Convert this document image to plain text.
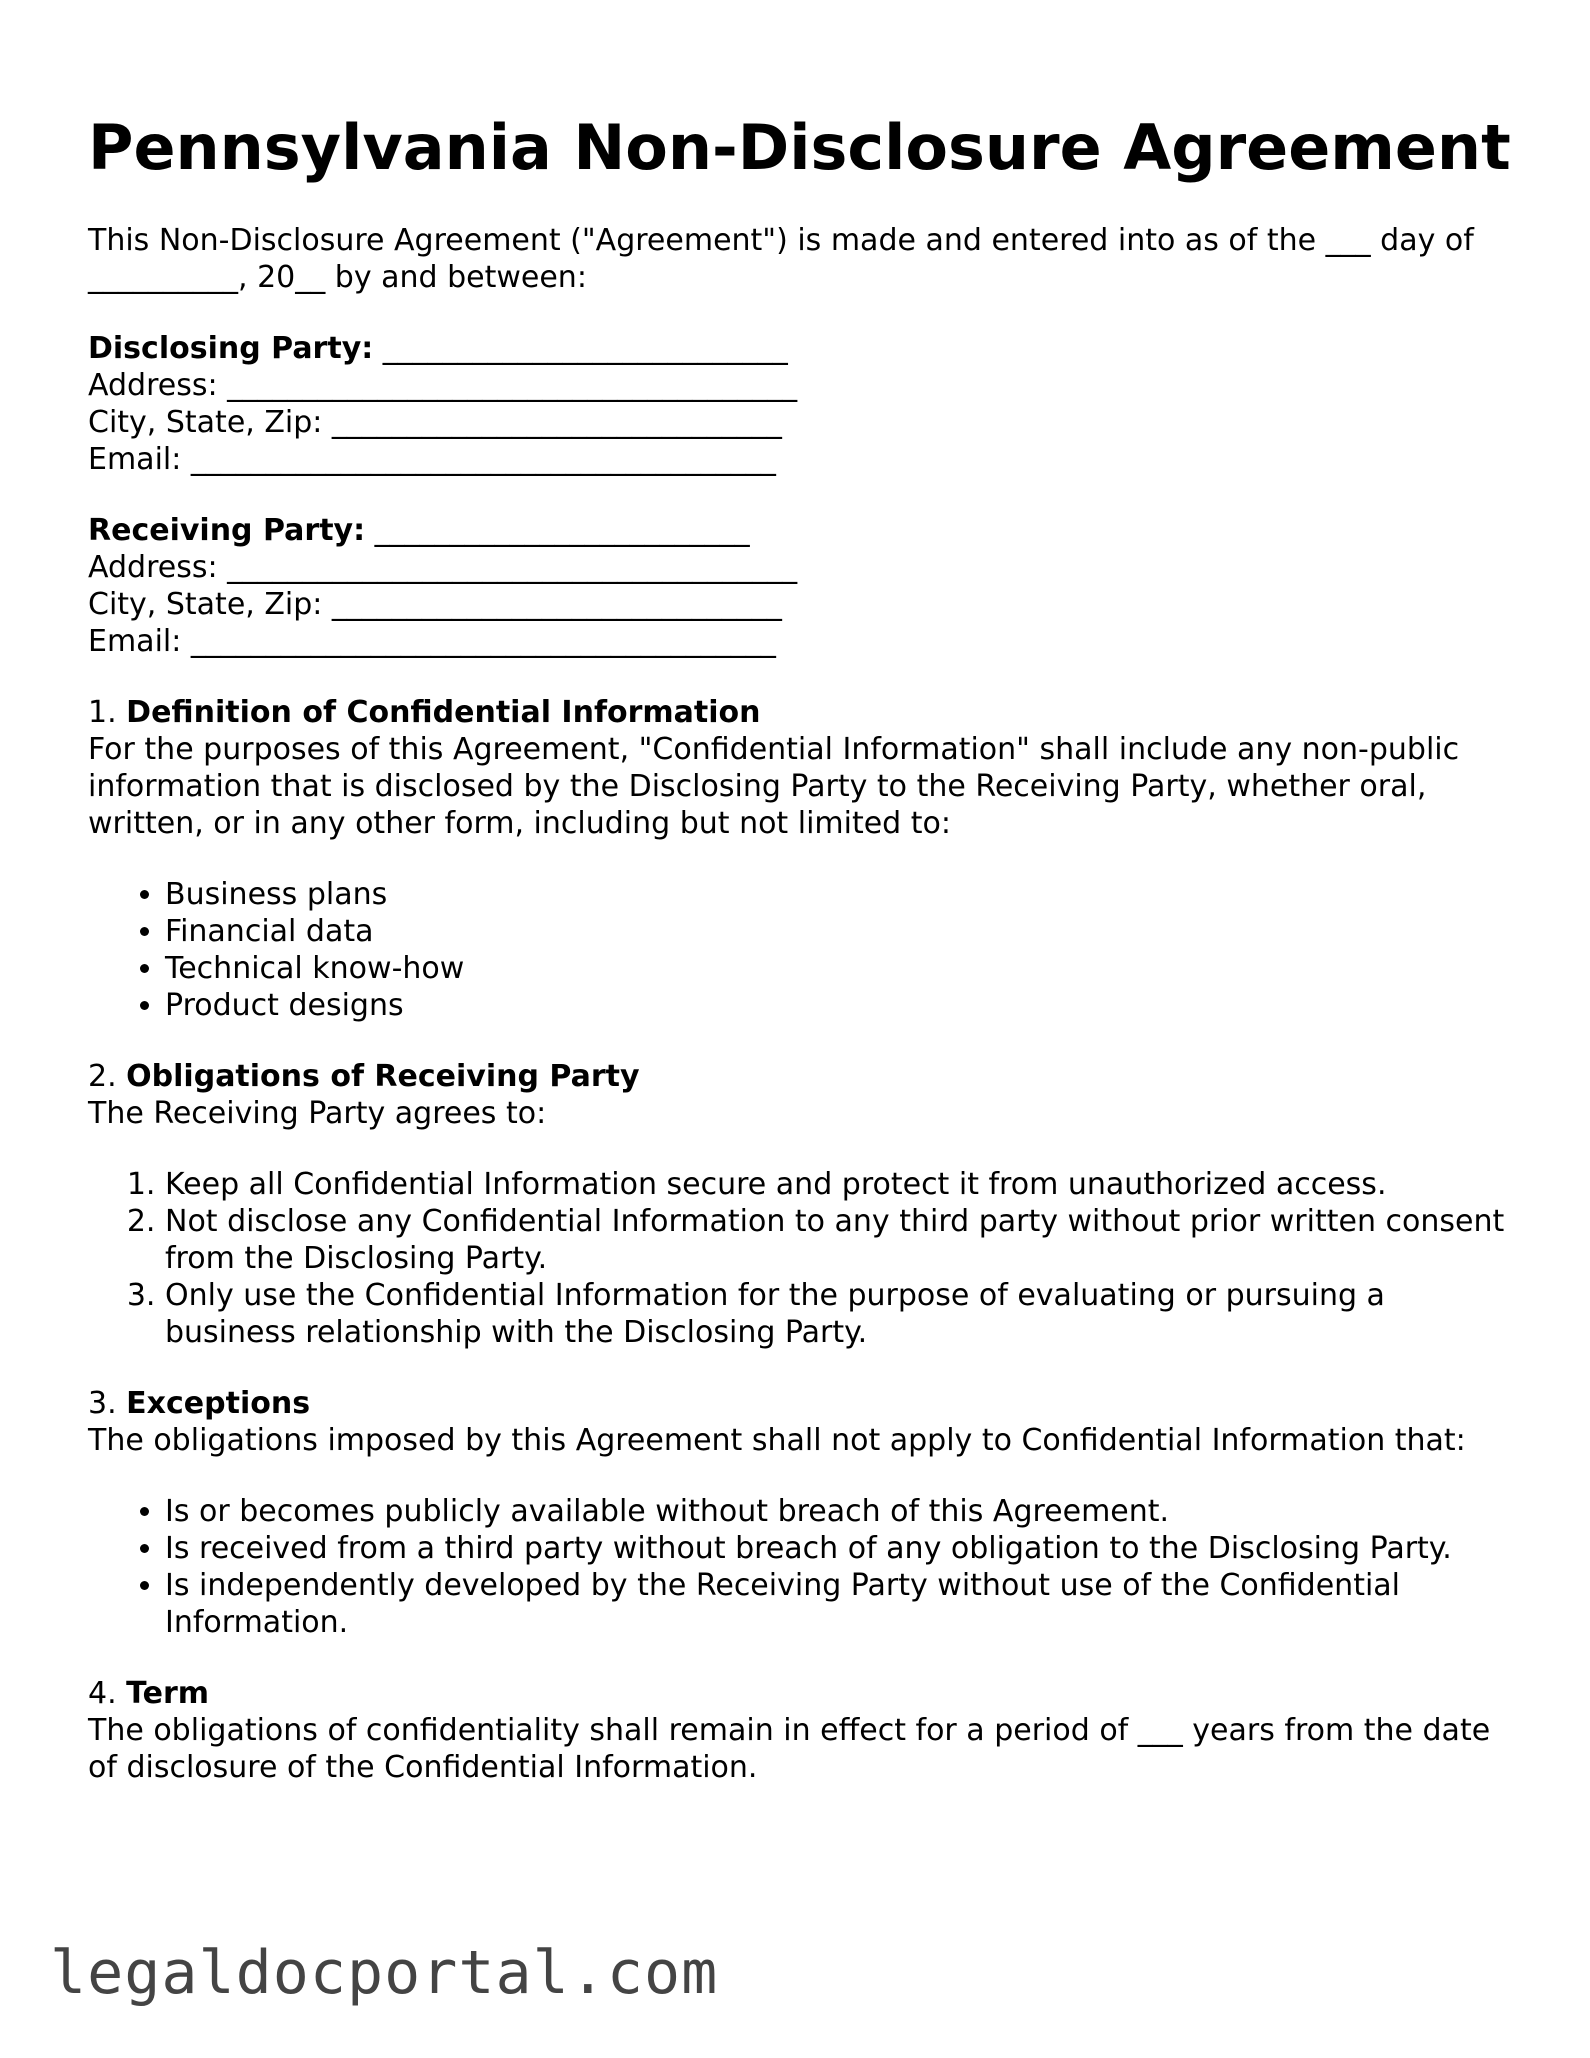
Pennsylvania Non-Disclosure Agreement

This Non-Disclosure Agreement ("Agreement") is made and entered into as of the ___ day of __________, 20__ by and between:

Disclosing Party: ___________________________
Address: ______________________________________
City, State, Zip: ______________________________
Email: _______________________________________
Receiving Party: _________________________
Address: ______________________________________
City, State, Zip: ______________________________
Email: _______________________________________
1. Definition of Confidential Information

For the purposes of this Agreement, "Confidential Information" shall include any non-public information that is disclosed by the Disclosing Party to the Receiving Party, whether oral, written, or in any other form, including but not limited to:

• Business plans
• Financial data
• Technical know-how
• Product designs
2. Obligations of Receiving Party

The Receiving Party agrees to:

1. Keep all Confidential Information secure and protect it from unauthorized access.
2. Not disclose any Confidential Information to any third party without prior written consent from the Disclosing Party.
3. Only use the Confidential Information for the purpose of evaluating or pursuing a business relationship with the Disclosing Party.
3. Exceptions

The obligations imposed by this Agreement shall not apply to Confidential Information that:

• Is or becomes publicly available without breach of this Agreement.
• Is received from a third party without breach of any obligation to the Disclosing Party.
• Is independently developed by the Receiving Party without use of the Confidential Information.
4. Term

The obligations of confidentiality shall remain in effect for a period of ___ years from the date of disclosure of the Confidential Information.

legaldocportal.com
